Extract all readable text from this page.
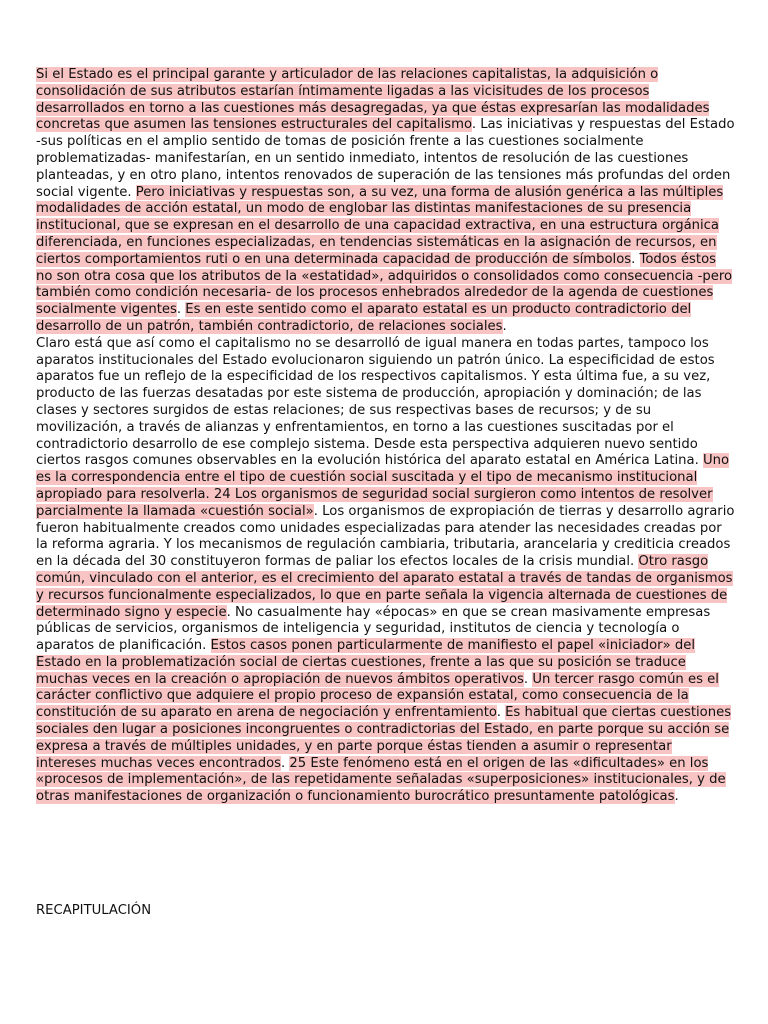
Si el Estado es el principal garante y articulador de las relaciones capitalistas, la adquisición o consolidación de sus atributos estarían íntimamente ligadas a las vicisitudes de los procesos desarrollados en torno a las cuestiones más desagregadas, ya que éstas expresarían las modalidades concretas que asumen las tensiones estructurales del capitalismo. Las iniciativas y respuestas del Estado -sus políticas en el amplio sentido de tomas de posición frente a las cuestiones socialmente problematizadas- manifestarían, en un sentido inmediato, intentos de resolución de las cuestiones planteadas, y en otro plano, intentos renovados de superación de las tensiones más profundas del orden social vigente. Pero iniciativas y respuestas son, a su vez, una forma de alusión genérica a las múltiples modalidades de acción estatal, un modo de englobar las distintas manifestaciones de su presencia institucional, que se expresan en el desarrollo de una capacidad extractiva, en una estructura orgánica diferenciada, en funciones especializadas, en tendencias sistemáticas en la asignación de recursos, en ciertos comportamientos ruti o en una determinada capacidad de producción de símbolos. Todos éstos no son otra cosa que los atributos de la «estatidad», adquiridos o consolidados como consecuencia -pero también como condición necesaria- de los procesos enhebrados alrededor de la agenda de cuestiones socialmente vigentes. Es en este sentido como el aparato estatal es un producto contradictorio del desarrollo de un patrón, también contradictorio, de relaciones sociales.

Claro está que así como el capitalismo no se desarrolló de igual manera en todas partes, tampoco los aparatos institucionales del Estado evolucionaron siguiendo un patrón único. La especificidad de estos aparatos fue un reflejo de la especificidad de los respectivos capitalismos. Y esta última fue, a su vez, producto de las fuerzas desatadas por este sistema de producción, apropiación y dominación; de las clases y sectores surgidos de estas relaciones; de sus respectivas bases de recursos; y de su movilización, a través de alianzas y enfrentamientos, en torno a las cuestiones suscitadas por el contradictorio desarrollo de ese complejo sistema. Desde esta perspectiva adquieren nuevo sentido ciertos rasgos comunes observables en la evolución histórica del aparato estatal en América Latina. Uno es la correspondencia entre el tipo de cuestión social suscitada y el tipo de mecanismo institucional apropiado para resolverla. 24 Los organismos de seguridad social surgieron como intentos de resolver parcialmente la llamada «cuestión social». Los organismos de expropiación de tierras y desarrollo agrario fueron habitualmente creados como unidades especializadas para atender las necesidades creadas por la reforma agraria. Y los mecanismos de regulación cambiaria, tributaria, arancelaria y crediticia creados en la década del 30 constituyeron formas de paliar los efectos locales de la crisis mundial. Otro rasgo común, vinculado con el anterior, es el crecimiento del aparato estatal a través de tandas de organismos y recursos funcionalmente especializados, lo que en parte señala la vigencia alternada de cuestiones de determinado signo y especie. No casualmente hay «épocas» en que se crean masivamente empresas públicas de servicios, organismos de inteligencia y seguridad, institutos de ciencia y tecnología o aparatos de planificación. Estos casos ponen particularmente de manifiesto el papel «iniciador» del Estado en la problematización social de ciertas cuestiones, frente a las que su posición se traduce muchas veces en la creación o apropiación de nuevos ámbitos operativos. Un tercer rasgo común es el carácter conflictivo que adquiere el propio proceso de expansión estatal, como consecuencia de la constitución de su aparato en arena de negociación y enfrentamiento. Es habitual que ciertas cuestiones sociales den lugar a posiciones incongruentes o contradictorias del Estado, en parte porque su acción se expresa a través de múltiples unidades, y en parte porque éstas tienden a asumir o representar intereses muchas veces encontrados. 25 Este fenómeno está en el origen de las «dificultades» en los «procesos de implementación», de las repetidamente señaladas «superposiciones» institucionales, y de otras manifestaciones de organización o funcionamiento burocrático presuntamente patológicas.

RECAPITULACIÓN
